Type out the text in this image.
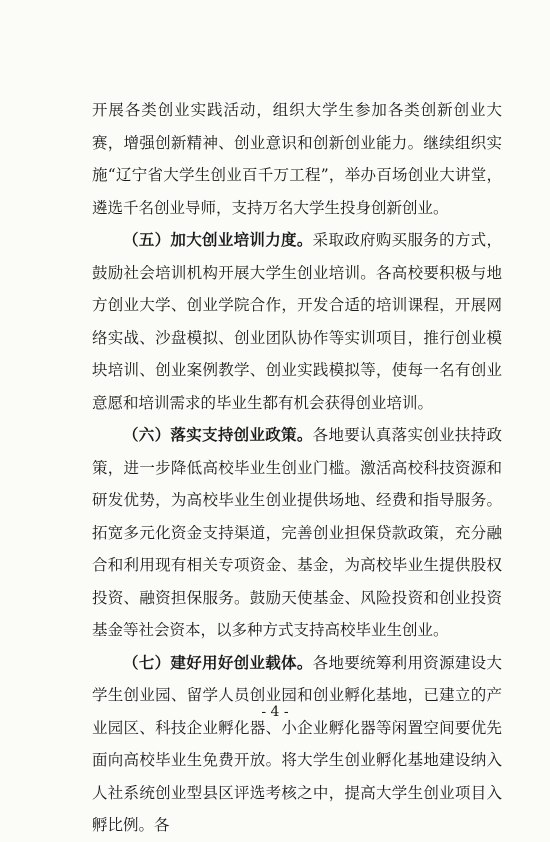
开展各类创业实践活动，组织大学生参加各类创新创业大赛，增强创新精神、创业意识和创新创业能力。继续组织实施“辽宁省大学生创业百千万工程”，举办百场创业大讲堂，遴选千名创业导师，支持万名大学生投身创新创业。

（五）加大创业培训力度。采取政府购买服务的方式，鼓励社会培训机构开展大学生创业培训。各高校要积极与地方创业大学、创业学院合作，开发合适的培训课程，开展网络实战、沙盘模拟、创业团队协作等实训项目，推行创业模块培训、创业案例教学、创业实践模拟等，使每一名有创业意愿和培训需求的毕业生都有机会获得创业培训。

（六）落实支持创业政策。各地要认真落实创业扶持政策，进一步降低高校毕业生创业门槛。激活高校科技资源和研发优势，为高校毕业生创业提供场地、经费和指导服务。拓宽多元化资金支持渠道，完善创业担保贷款政策，充分融合和利用现有相关专项资金、基金，为高校毕业生提供股权投资、融资担保服务。鼓励天使基金、风险投资和创业投资基金等社会资本，以多种方式支持高校毕业生创业。

（七）建好用好创业载体。各地要统筹利用资源建设大学生创业园、留学人员创业园和创业孵化基地，已建立的产业园区、科技企业孵化器、小企业孵化器等闲置空间要优先面向高校毕业生免费开放。将大学生创业孵化基地建设纳入人社系统创业型县区评选考核之中，提高大学生创业项目入孵比例。各

- 4 -
